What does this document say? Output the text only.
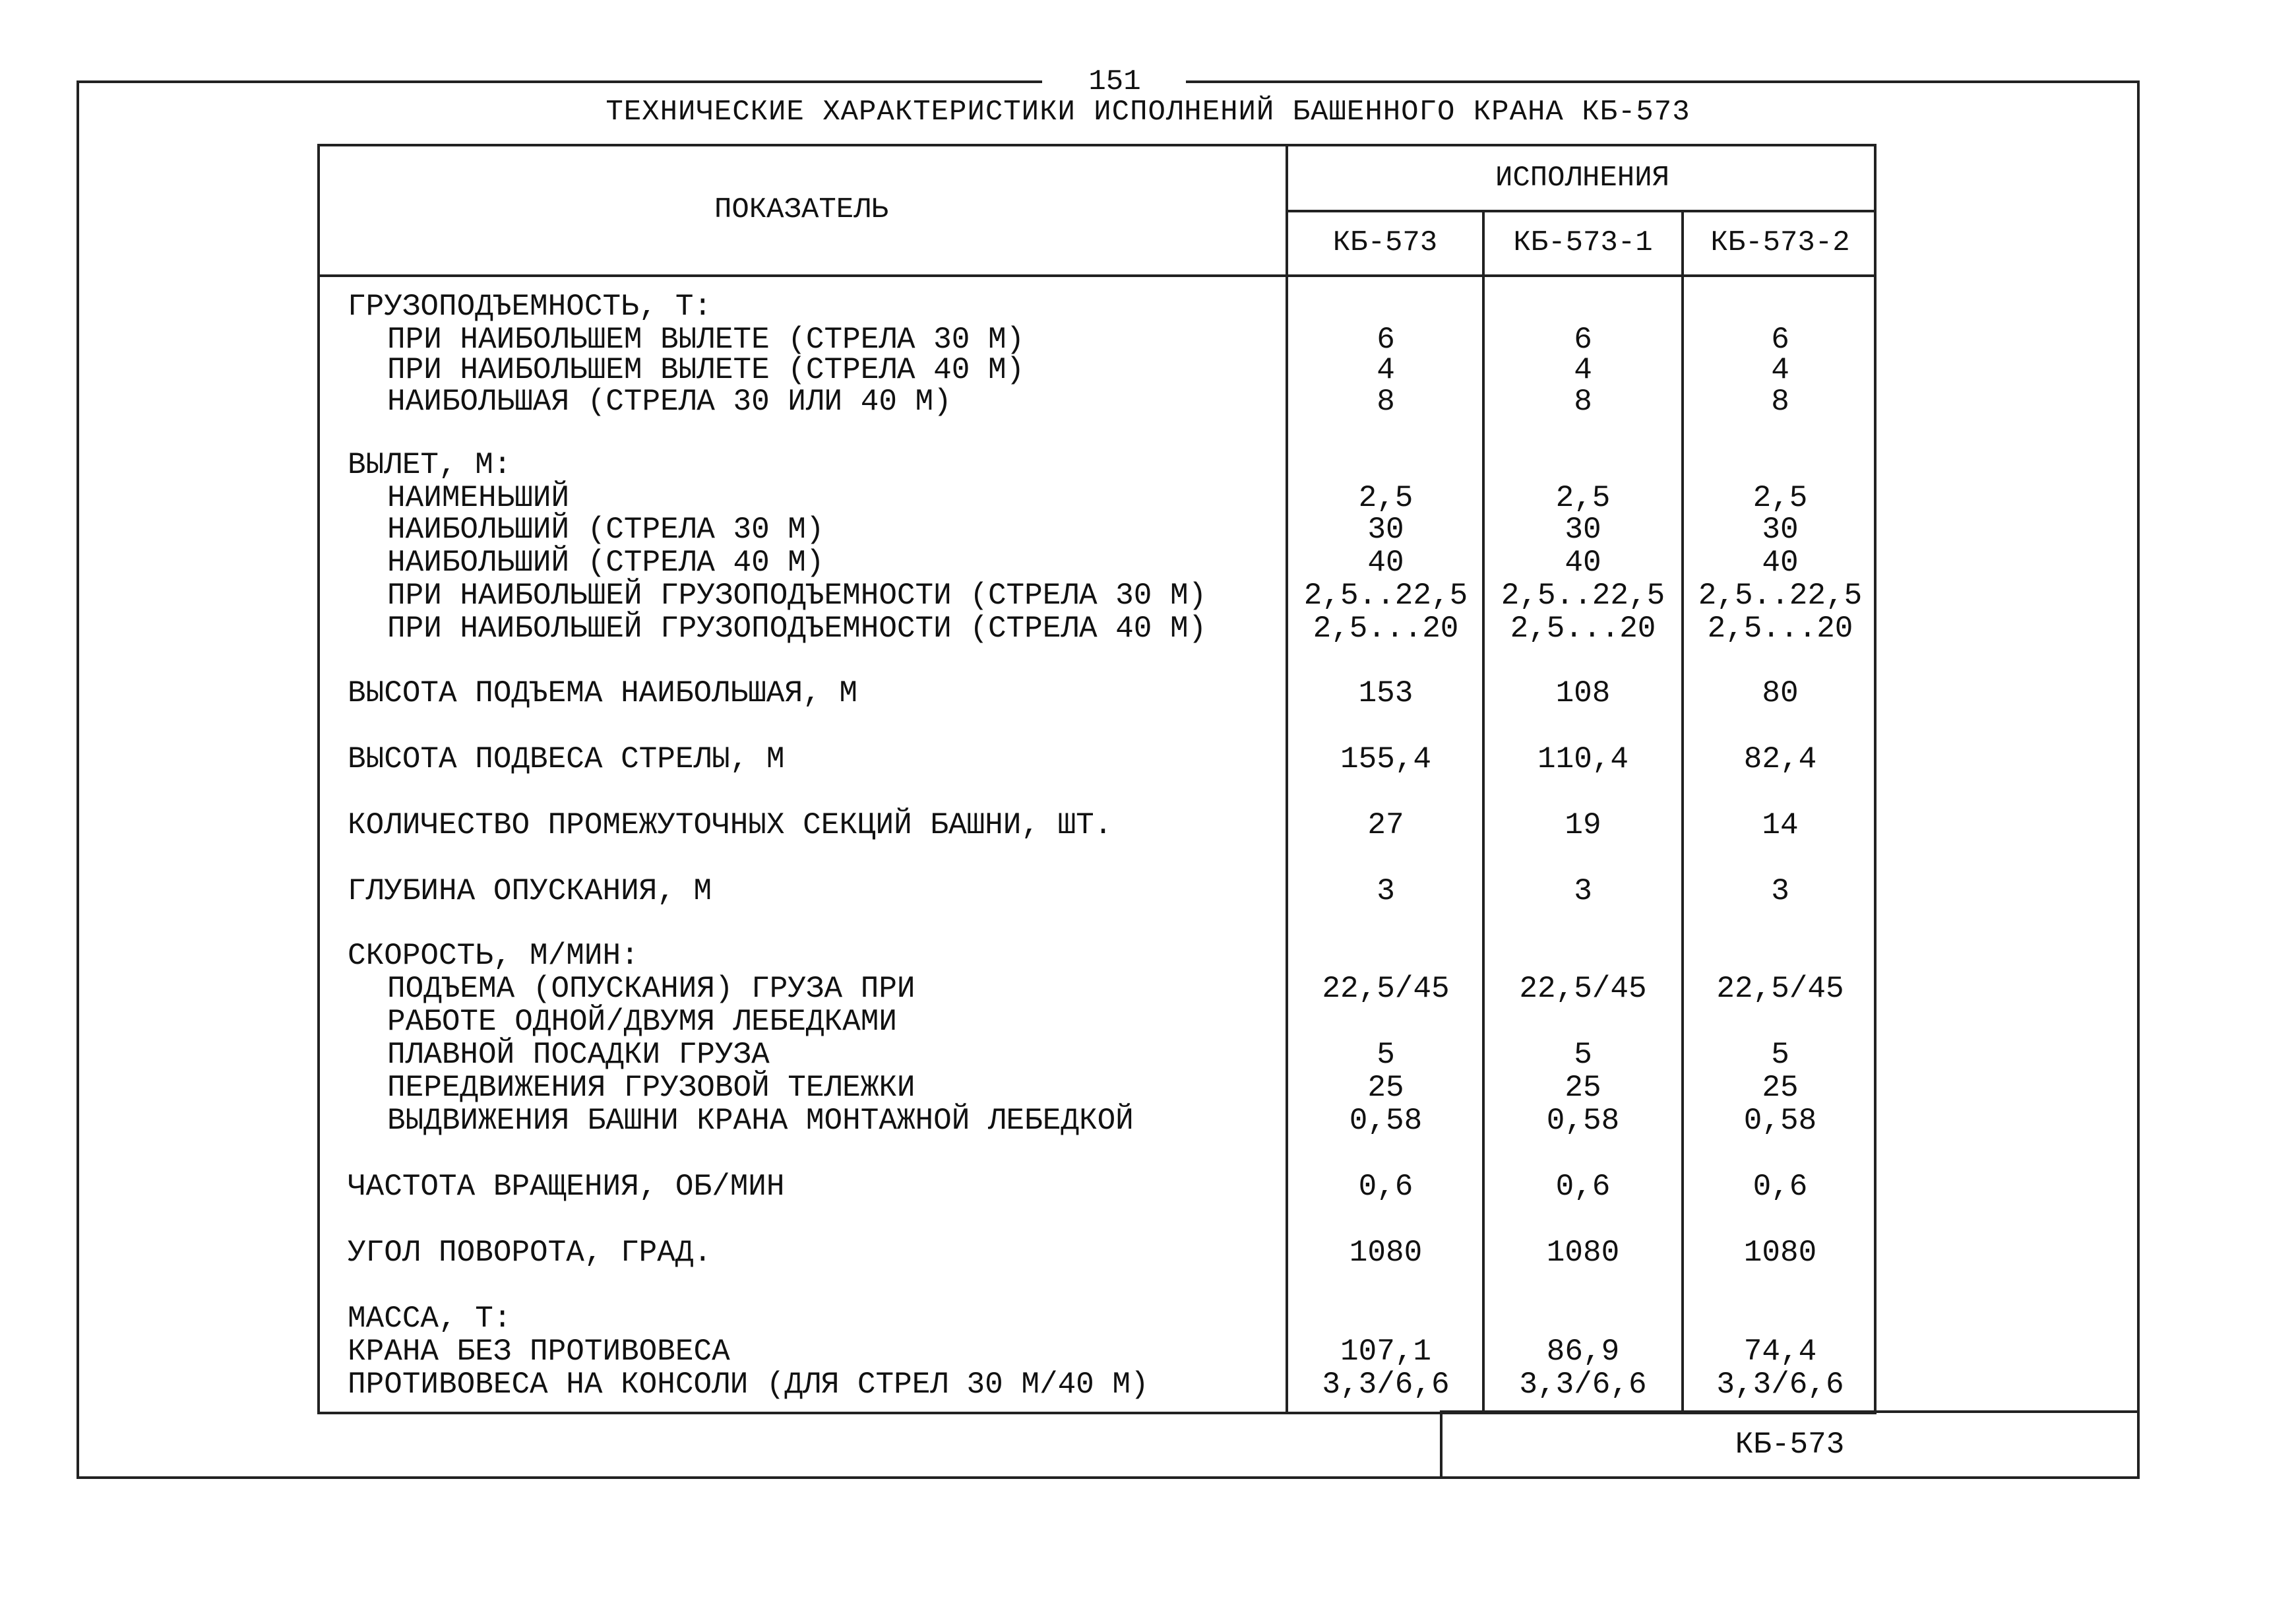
151
ТЕХНИЧЕСКИЕ ХАРАКТЕРИСТИКИ ИСПОЛНЕНИЙ БАШЕННОГО КРАНА КБ-573
ПОКАЗАТЕЛЬ
ИСПОЛНЕНИЯ
КБ-573	КБ-573-1	КБ-573-2
ГРУЗОПОДЪЕМНОСТЬ, Т:
ПРИ НАИБОЛЬШЕМ ВЫЛЕТЕ (СТРЕЛА 30 М)	6	6	6
ПРИ НАИБОЛЬШЕМ ВЫЛЕТЕ (СТРЕЛА 40 М)	4	4	4
НАИБОЛЬШАЯ (СТРЕЛА 30 ИЛИ 40 М)	8	8	8
ВЫЛЕТ, М:
НАИМЕНЬШИЙ	2,5	2,5	2,5
НАИБОЛЬШИЙ (СТРЕЛА 30 М)	30	30	30
НАИБОЛЬШИЙ (СТРЕЛА 40 М)	40	40	40
ПРИ НАИБОЛЬШЕЙ ГРУЗОПОДЪЕМНОСТИ (СТРЕЛА 30 М)	2,5..22,5	2,5..22,5	2,5..22,5
ПРИ НАИБОЛЬШЕЙ ГРУЗОПОДЪЕМНОСТИ (СТРЕЛА 40 М)	2,5...20	2,5...20	2,5...20
ВЫСОТА ПОДЪЕМА НАИБОЛЬШАЯ, М	153	108	80
ВЫСОТА ПОДВЕСА СТРЕЛЫ, М	155,4	110,4	82,4
КОЛИЧЕСТВО ПРОМЕЖУТОЧНЫХ СЕКЦИЙ БАШНИ, ШТ.	27	19	14
ГЛУБИНА ОПУСКАНИЯ, М	3	3	3
СКОРОСТЬ, М/МИН:
ПОДЪЕМА (ОПУСКАНИЯ) ГРУЗА ПРИ	22,5/45	22,5/45	22,5/45
РАБОТЕ ОДНОЙ/ДВУМЯ ЛЕБЕДКАМИ
ПЛАВНОЙ ПОСАДКИ ГРУЗА	5	5	5
ПЕРЕДВИЖЕНИЯ ГРУЗОВОЙ ТЕЛЕЖКИ	25	25	25
ВЫДВИЖЕНИЯ БАШНИ КРАНА МОНТАЖНОЙ ЛЕБЕДКОЙ	0,58	0,58	0,58
ЧАСТОТА ВРАЩЕНИЯ, ОБ/МИН	0,6	0,6	0,6
УГОЛ ПОВОРОТА, ГРАД.	1080	1080	1080
МАССА, Т:
КРАНА БЕЗ ПРОТИВОВЕСА	107,1	86,9	74,4
ПРОТИВОВЕСА НА КОНСОЛИ (ДЛЯ СТРЕЛ 30 М/40 М)	3,3/6,6	3,3/6,6	3,3/6,6
КБ-573
